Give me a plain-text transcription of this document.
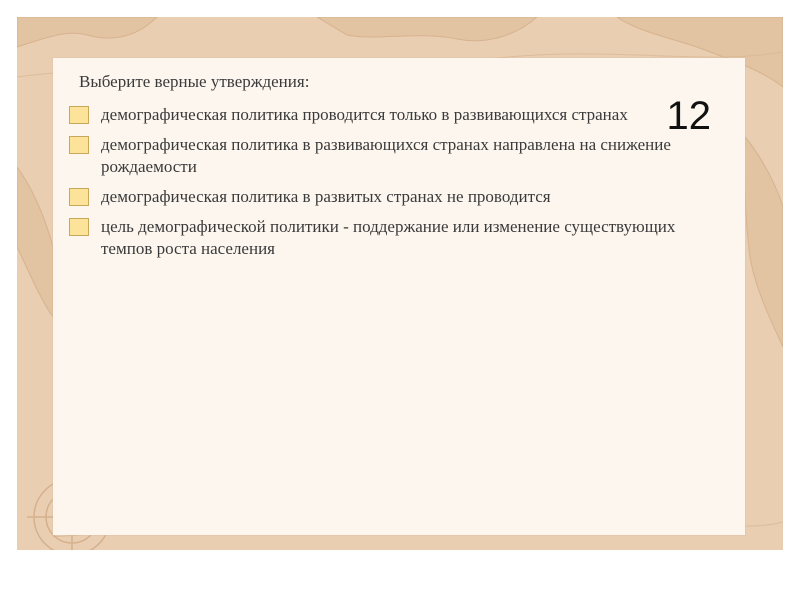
12
Выберите верные утверждения:
демографическая политика проводится только в развивающихся странах
демографическая политика в развивающихся странах направлена на снижение рождаемости
демографическая политика в развитых странах не проводится
цель демографической политики - поддержание или изменение существующих темпов роста населения
